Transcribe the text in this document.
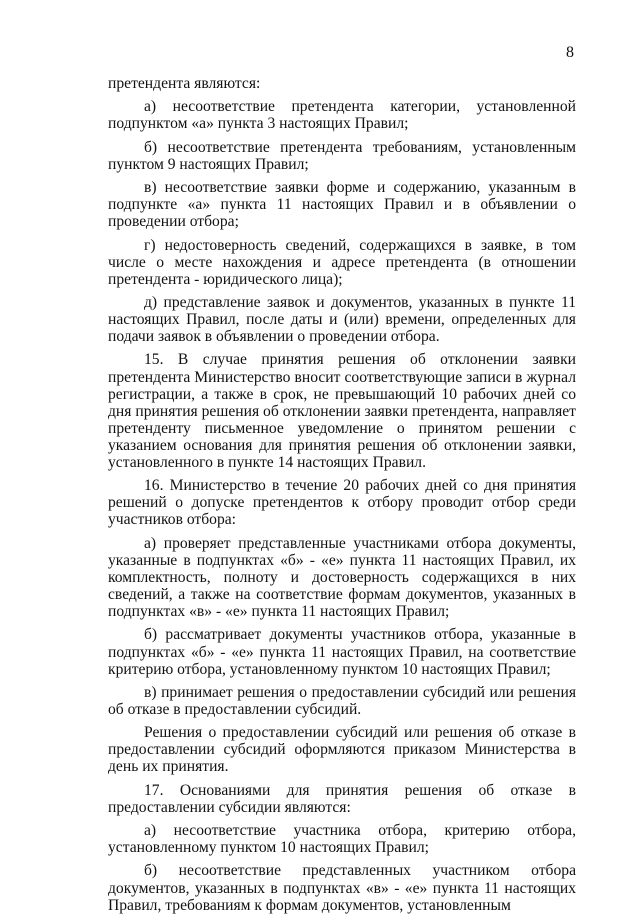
8

претендента являются:

а) несоответствие претендента категории, установленной подпунктом «а» пункта 3 настоящих Правил;

б) несоответствие претендента требованиям, установленным пунктом 9 настоящих Правил;

в) несоответствие заявки форме и содержанию, указанным в подпункте «а» пункта 11 настоящих Правил и в объявлении о проведении отбора;

г) недостоверность сведений, содержащихся в заявке, в том числе о месте нахождения и адресе претендента (в отношении претендента - юридического лица);

д) представление заявок и документов, указанных в пункте 11 настоящих Правил, после даты и (или) времени, определенных для подачи заявок в объявлении о проведении отбора.

15. В случае принятия решения об отклонении заявки претендента Министерство вносит соответствующие записи в журнал регистрации, а также в срок, не превышающий 10 рабочих дней со дня принятия решения об отклонении заявки претендента, направляет претенденту письменное уведомление о принятом решении с указанием основания для принятия решения об отклонении заявки, установленного в пункте 14 настоящих Правил.

16. Министерство в течение 20 рабочих дней со дня принятия решений о допуске претендентов к отбору проводит отбор среди участников отбора:

а) проверяет представленные участниками отбора документы, указанные в подпунктах «б» - «е» пункта 11 настоящих Правил, их комплектность, полноту и достоверность содержащихся в них сведений, а также на соответствие формам документов, указанных в подпунктах «в» - «е» пункта 11 настоящих Правил;

б) рассматривает документы участников отбора, указанные в подпунктах «б» - «е» пункта 11 настоящих Правил, на соответствие критерию отбора, установленному пунктом 10 настоящих Правил;

в) принимает решения о предоставлении субсидий или решения об отказе в предоставлении субсидий.

Решения о предоставлении субсидий или решения об отказе в предоставлении субсидий оформляются приказом Министерства в день их принятия.

17. Основаниями для принятия решения об отказе в предоставлении субсидии являются:

а) несоответствие участника отбора, критерию отбора, установленному пунктом 10 настоящих Правил;

б) несоответствие представленных участником отбора документов, указанных в подпунктах «в» - «е» пункта 11 настоящих Правил, требованиям к формам документов, установленным
